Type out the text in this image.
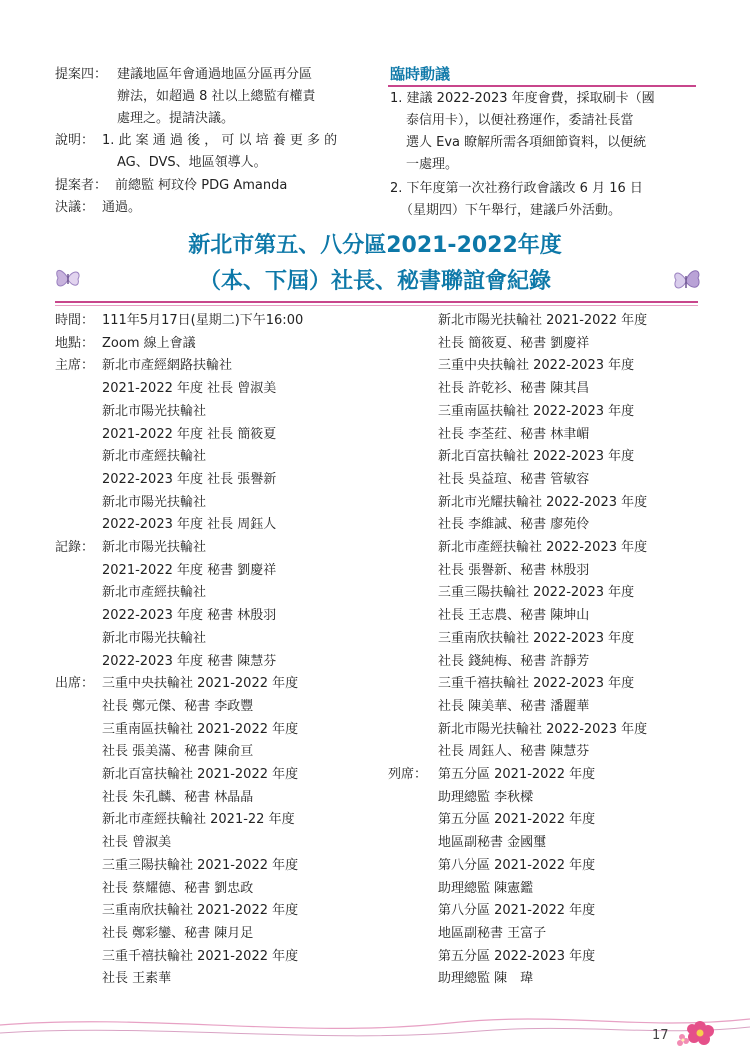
提案四： 建議地區年會通過地區分區再分區
辦法，如超過 8 社以上總監有權責
處理之。提請決議。
說明： 1. 此 案 通 過 後 ， 可 以 培 養 更 多 的
AG、DVS、地區領導人。
提案者： 前總監 柯玟伶 PDG Amanda
決議： 通過。
臨時動議
1. 建議 2022-2023 年度會費，採取刷卡（國
泰信用卡），以便社務運作，委請社長當
選人 Eva 瞭解所需各項細節資料，以便統
一處理。
2. 下年度第一次社務行政會議改 6 月 16 日
（星期四）下午舉行，建議戶外活動。
新北市第五、八分區2021-2022年度
（本、下屆）社長、秘書聯誼會紀錄
時間： 111年5月17日(星期二)下午16:00
地點： Zoom 線上會議
主席： 新北市產經網路扶輪社
2021-2022 年度 社長 曾淑美
新北市陽光扶輪社
2021-2022 年度 社長 簡筱夏
新北市產經扶輪社
2022-2023 年度 社長 張譽新
新北市陽光扶輪社
2022-2023 年度 社長 周鈺人
記錄： 新北市陽光扶輪社
2021-2022 年度 秘書 劉慶祥
新北市產經扶輪社
2022-2023 年度 秘書 林殷羽
新北市陽光扶輪社
2022-2023 年度 秘書 陳慧芬
出席： 三重中央扶輪社 2021-2022 年度
社長 鄭元傑、秘書 李政豐
三重南區扶輪社 2021-2022 年度
社長 張美滿、秘書 陳俞亘
新北百富扶輪社 2021-2022 年度
社長 朱孔麟、秘書 林晶晶
新北市產經扶輪社 2021-22 年度
社長 曾淑美
三重三陽扶輪社 2021-2022 年度
社長 蔡耀德、秘書 劉忠政
三重南欣扶輪社 2021-2022 年度
社長 鄭彩鑾、秘書 陳月足
三重千禧扶輪社 2021-2022 年度
社長 王素華
新北市陽光扶輪社 2021-2022 年度
社長 簡筱夏、秘書 劉慶祥
三重中央扶輪社 2022-2023 年度
社長 許乾衫、秘書 陳其昌
三重南區扶輪社 2022-2023 年度
社長 李荃荭、秘書 林聿嵋
新北百富扶輪社 2022-2023 年度
社長 吳益瑄、秘書 管敏容
新北市光耀扶輪社 2022-2023 年度
社長 李維誠、秘書 廖苑伶
新北市產經扶輪社 2022-2023 年度
社長 張譽新、秘書 林殷羽
三重三陽扶輪社 2022-2023 年度
社長 王志農、秘書 陳坤山
三重南欣扶輪社 2022-2023 年度
社長 錢純梅、秘書 許靜芳
三重千禧扶輪社 2022-2023 年度
社長 陳美華、秘書 潘麗華
新北市陽光扶輪社 2022-2023 年度
社長 周鈺人、秘書 陳慧芬
列席： 第五分區 2021-2022 年度
助理總監 李秋樑
第五分區 2021-2022 年度
地區副秘書 金國璽
第八分區 2021-2022 年度
助理總監 陳憲鑑
第八分區 2021-2022 年度
地區副秘書 王富子
第五分區 2022-2023 年度
助理總監 陳　瑋
17
